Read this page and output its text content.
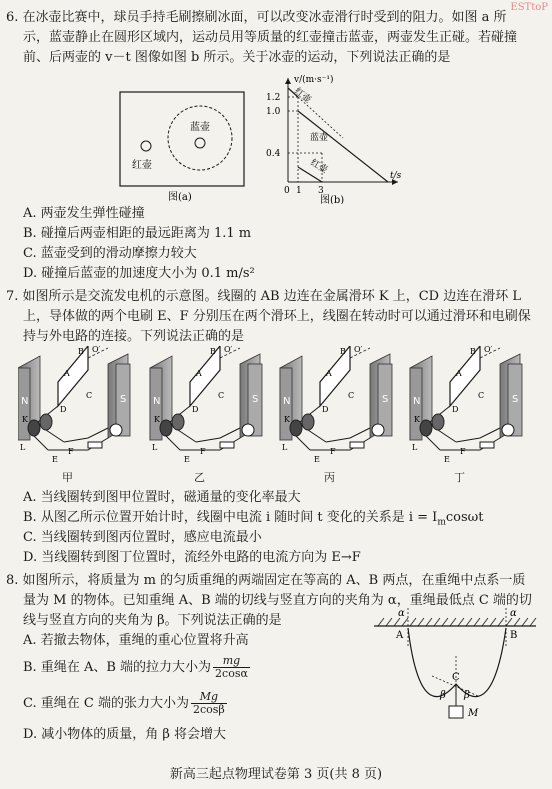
ESTtoP
6. 在冰壶比赛中，球员手持毛刷擦刷冰面，可以改变冰壶滑行时受到的阻力。如图 a 所
示，蓝壶静止在圆形区域内，运动员用等质量的红壶撞击蓝壶，两壶发生正碰。若碰撞
前、后两壶的 v－t 图像如图 b 所示。关于冰壶的运动，下列说法正确的是
蓝壶
红壶
图(a)
v/(m·s⁻¹)
t/s
1.2
1.0
0.4
0 1 3
红壶
蓝壶
红壶
图(b)
A. 两壶发生弹性碰撞
B. 碰撞后两壶相距的最远距离为 1.1 m
C. 蓝壶受到的滑动摩擦力较大
D. 碰撞后蓝壶的加速度大小为 0.1 m/s²
7. 如图所示是交流发电机的示意图。线圈的 AB 边连在金属滑环 K 上，CD 边连在滑环 L
上，导体做的两个电刷 E、F 分别压在两个滑环上，线圈在转动时可以通过滑环和电刷保
持与外电路的连接。下列说法正确的是
N	S
K
L
E
F
O′
A
B
C
D
甲	乙	丙	丁
A. 当线圈转到图甲位置时，磁通量的变化率最大
B. 从图乙所示位置开始计时，线圈中电流 i 随时间 t 变化的关系是 $i = I_m\cos\omega t$
C. 当线圈转到图丙位置时，感应电流最小
D. 当线圈转到图丁位置时，流经外电路的电流方向为 E→F
8. 如图所示，将质量为 m 的匀质重绳的两端固定在等高的 A、B 两点，在重绳中点系一质
量为 M 的物体。已知重绳 A、B 端的切线与竖直方向的夹角为 α，重绳最低点 C 端的切
线与竖直方向的夹角为 β。下列说法正确的是
A. 若撤去物体，重绳的重心位置将升高
B. 重绳在 A、B 端的拉力大小为 $\frac{mg}{2\cos\alpha}$
C. 重绳在 C 端的张力大小为 $\frac{Mg}{2\cos\beta}$
D. 减小物体的质量，角 β 将会增大
A	B
C
M
α	α
β β
新高三起点物理试卷第 3 页(共 8 页)
